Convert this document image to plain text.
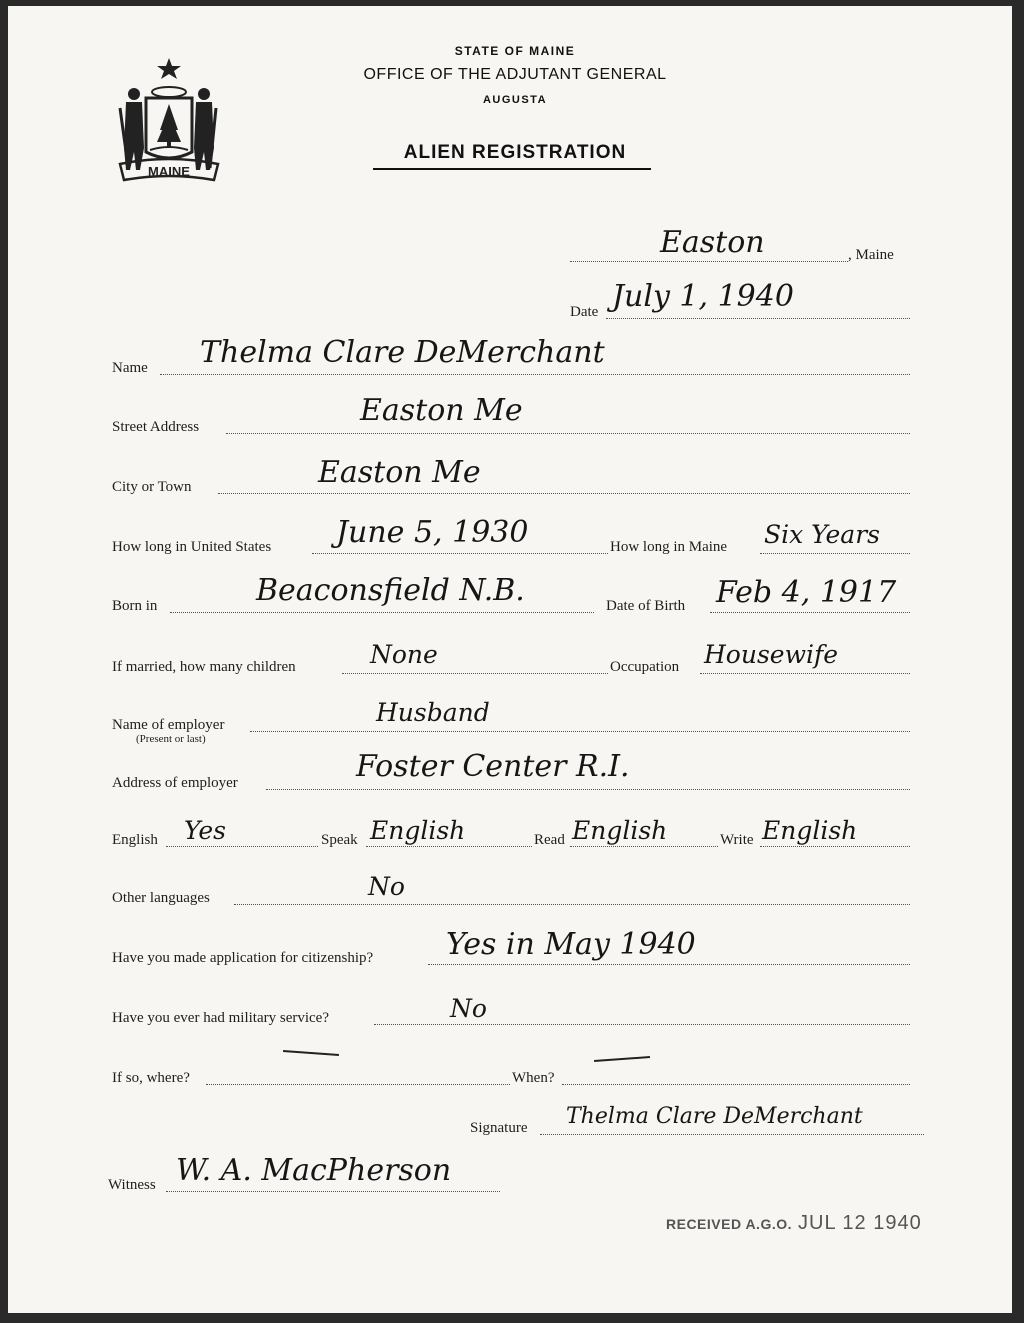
MAINE
STATE OF MAINE
OFFICE OF THE ADJUTANT GENERAL
AUGUSTA
ALIEN REGISTRATION
Easton	, Maine
Date July 1, 1940
Name Thelma Clare DeMerchant
Street Address	Easton Me
City or Town	Easton Me
How long in United States June 5, 1930	How long in Maine Six Years
Born in	Beaconsfield N.B.	Date of Birth Feb 4, 1917
If married, how many children	None	Occupation Housewife
Name of employer
(Present or last)
Husband
Address of employer	Foster Center R.I.
English Yes	Speak English	Read English	Write English
Other languages	No
Have you made application for citizenship? Yes in May 1940
Have you ever had military service?	No
If so, where?	When?
Signature Thelma Clare DeMerchant
Witness W. A. MacPherson
RECEIVED A.G.O. JUL 12 1940
